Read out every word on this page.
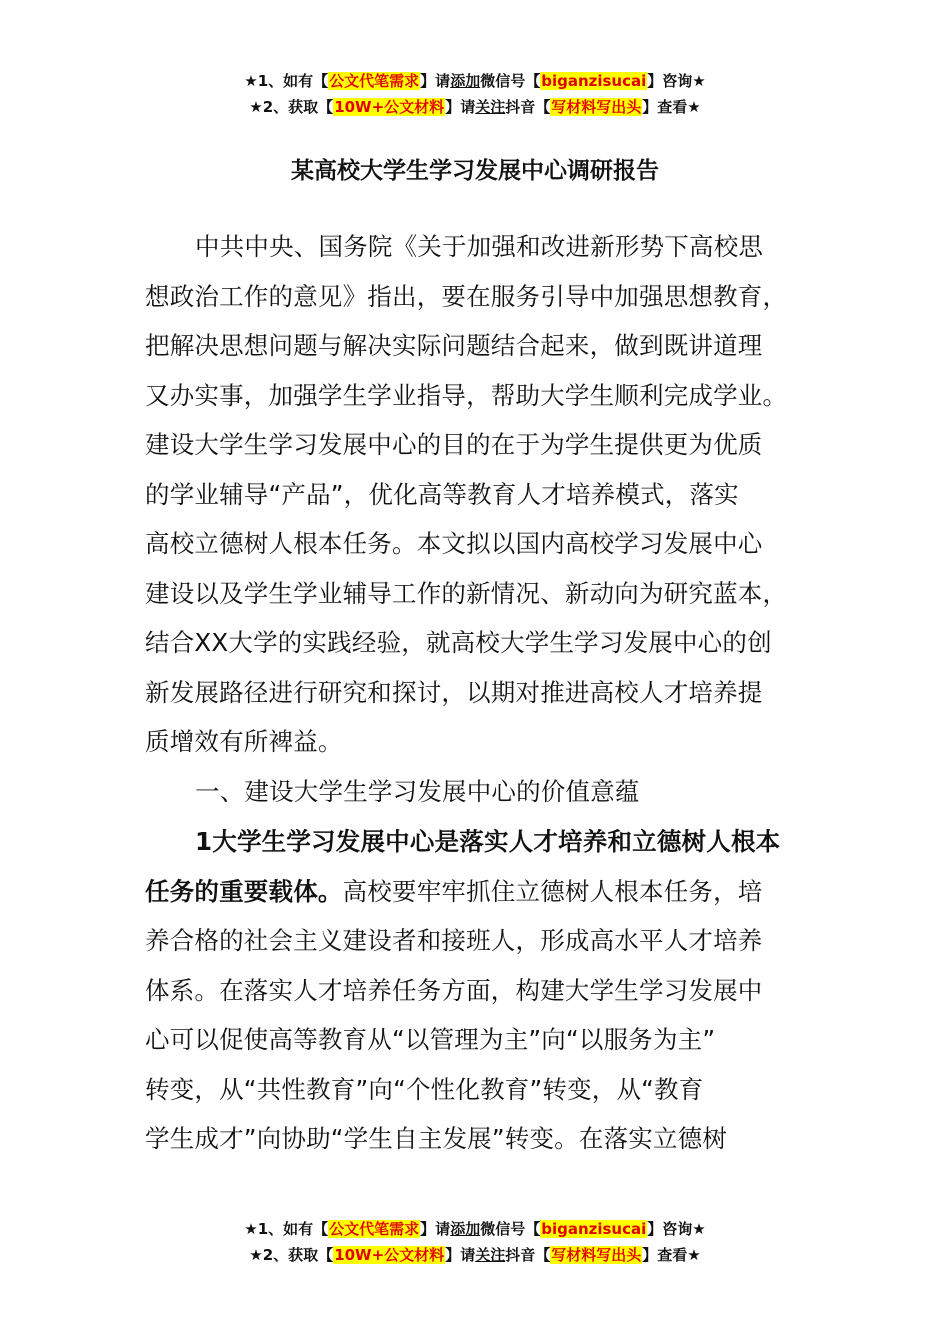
★1、如有【公文代笔需求】请添加微信号【biganzisucai】咨询★
★2、获取【10W+公文材料】请关注抖音【写材料写出头】查看★
某高校大学生学习发展中心调研报告
中共中央、国务院《关于加强和改进新形势下高校思
想政治工作的意见》指出，要在服务引导中加强思想教育，
把解决思想问题与解决实际问题结合起来，做到既讲道理
又办实事，加强学生学业指导，帮助大学生顺利完成学业。
建设大学生学习发展中心的目的在于为学生提供更为优质
的学业辅导“产品”，优化高等教育人才培养模式，落实
高校立德树人根本任务。本文拟以国内高校学习发展中心
建设以及学生学业辅导工作的新情况、新动向为研究蓝本，
结合XX大学的实践经验，就高校大学生学习发展中心的创
新发展路径进行研究和探讨，以期对推进高校人才培养提
质增效有所裨益。
一、建设大学生学习发展中心的价值意蕴
1大学生学习发展中心是落实人才培养和立德树人根本
任务的重要载体。高校要牢牢抓住立德树人根本任务，培
养合格的社会主义建设者和接班人，形成高水平人才培养
体系。在落实人才培养任务方面，构建大学生学习发展中
心可以促使高等教育从“以管理为主”向“以服务为主”
转变，从“共性教育”向“个性化教育”转变，从“教育
学生成才”向协助“学生自主发展”转变。在落实立德树
★1、如有【公文代笔需求】请添加微信号【biganzisucai】咨询★
★2、获取【10W+公文材料】请关注抖音【写材料写出头】查看★
